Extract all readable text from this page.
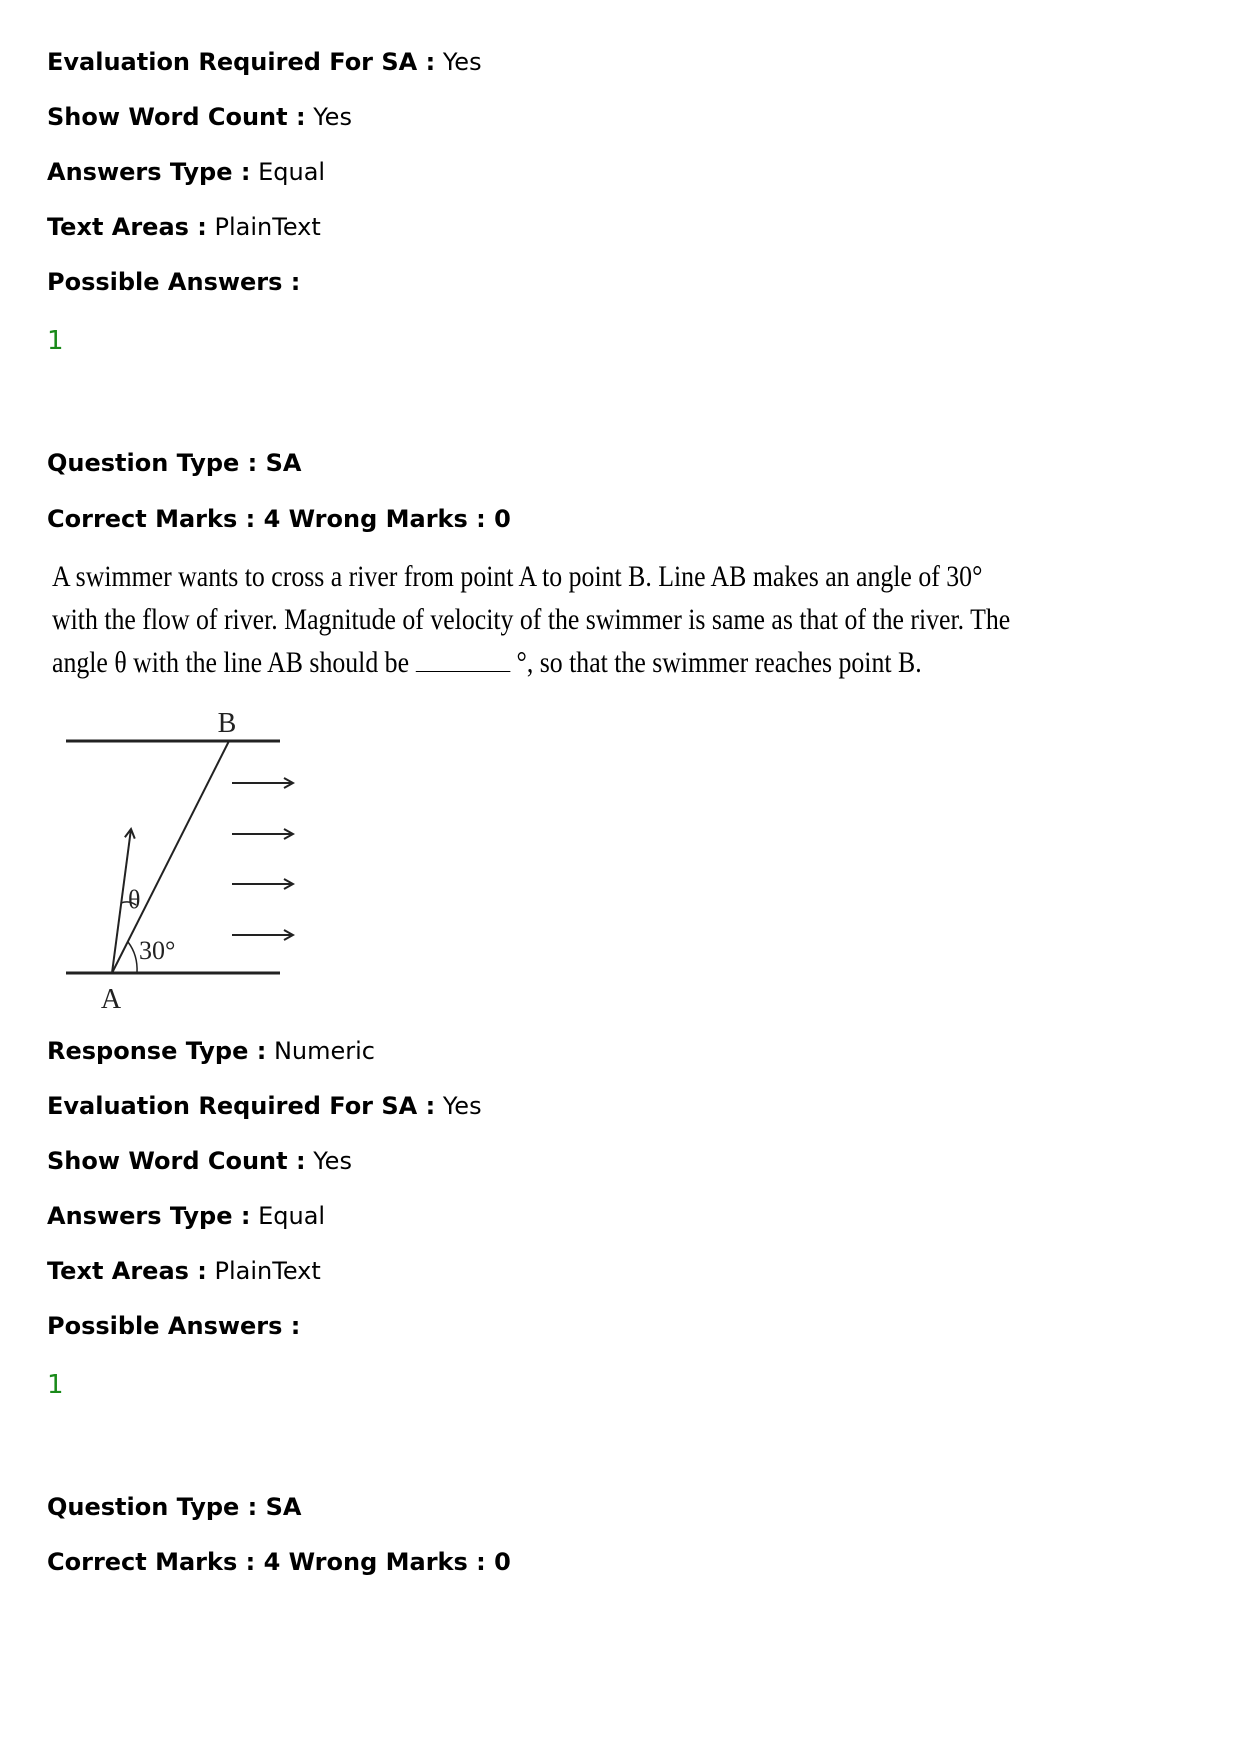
Evaluation Required For SA : Yes
Show Word Count : Yes
Answers Type : Equal
Text Areas : PlainText
Possible Answers :
1
Question Type : SA
Correct Marks : 4 Wrong Marks : 0
A swimmer wants to cross a river from point A to point B. Line AB makes an angle of 30°
with the flow of river. Magnitude of velocity of the swimmer is same as that of the river. The
angle θ with the line AB should be	°, so that the swimmer reaches point B.
B
A
θ
30°
Response Type : Numeric
Evaluation Required For SA : Yes
Show Word Count : Yes
Answers Type : Equal
Text Areas : PlainText
Possible Answers :
1
Question Type : SA
Correct Marks : 4 Wrong Marks : 0
